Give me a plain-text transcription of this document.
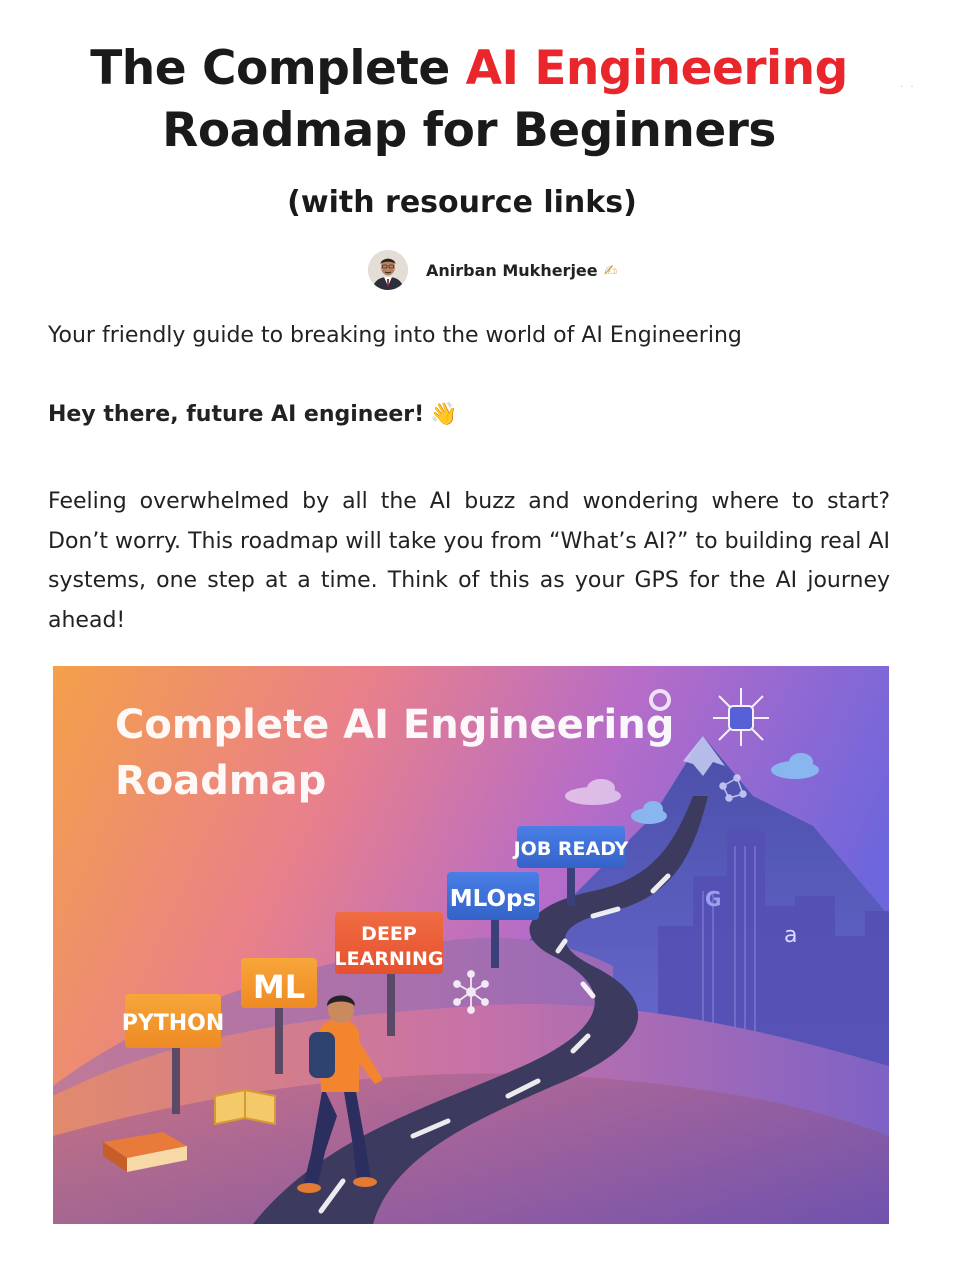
The Complete AI Engineering
Roadmap for Beginners
· ·

(with resource links)

Anirban Mukherjee ✍

Your friendly guide to breaking into the world of AI Engineering

Hey there, future AI engineer! 👋

Feeling overwhelmed by all the AI buzz and wondering where to start? Don’t worry. This roadmap will take you from “What’s AI?” to building real AI systems, one step at a time. Think of this as your GPS for the AI journey ahead!

G
a
Complete AI Engineering
Roadmap
PYTHON
ML
DEEP
LEARNING
MLOps
JOB READY
